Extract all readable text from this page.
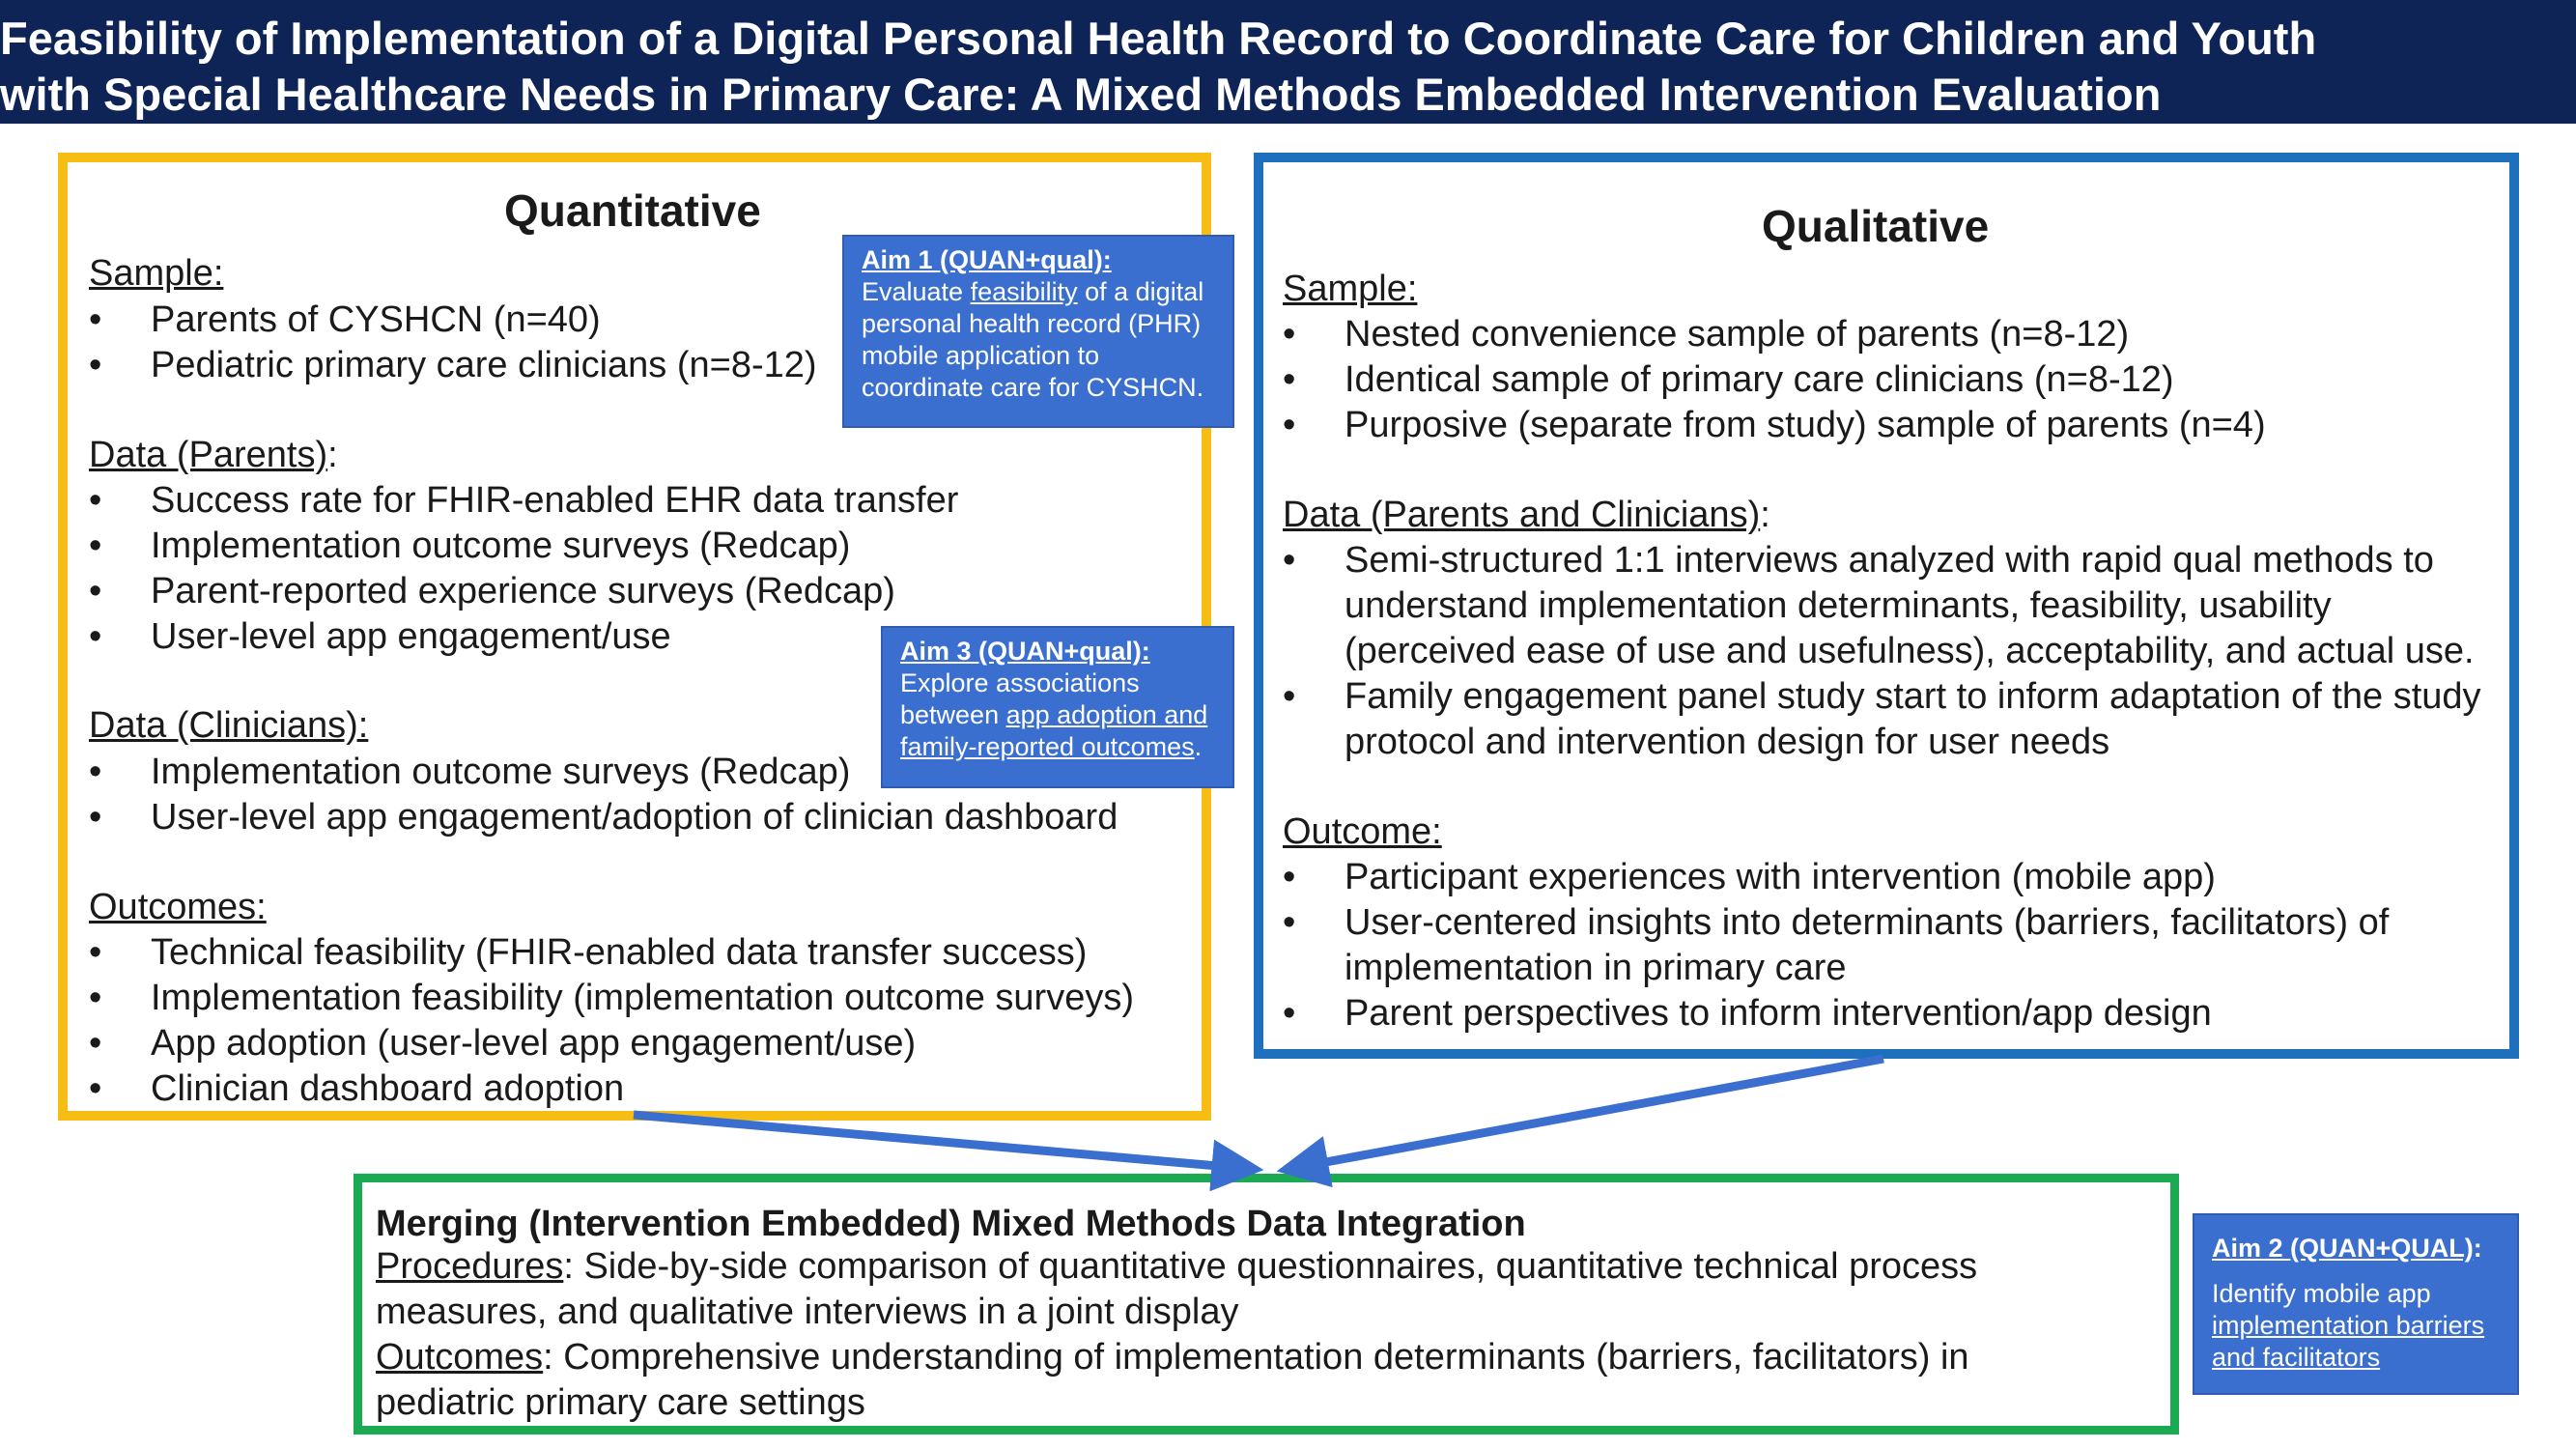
Feasibility of Implementation of a Digital Personal Health Record to Coordinate Care for Children and Youth
with Special Healthcare Needs in Primary Care: A Mixed Methods Embedded Intervention Evaluation
Quantitative
Sample:
• Parents of CYSHCN (n=40)
• Pediatric primary care clinicians (n=8-12)
Data (Parents):
• Success rate for FHIR-enabled EHR data transfer
• Implementation outcome surveys (Redcap)
• Parent-reported experience surveys (Redcap)
• User-level app engagement/use
Data (Clinicians):
• Implementation outcome surveys (Redcap)
• User-level app engagement/adoption of clinician dashboard
Outcomes:
• Technical feasibility (FHIR-enabled data transfer success)
• Implementation feasibility (implementation outcome surveys)
• App adoption (user-level app engagement/use)
• Clinician dashboard adoption
Qualitative
Sample:
• Nested convenience sample of parents (n=8-12)
• Identical sample of primary care clinicians (n=8-12)
• Purposive (separate from study) sample of parents (n=4)
Data (Parents and Clinicians):
• Semi-structured 1:1 interviews analyzed with rapid qual methods to
understand implementation determinants, feasibility, usability
(perceived ease of use and usefulness), acceptability, and actual use.
• Family engagement panel study start to inform adaptation of the study
protocol and intervention design for user needs
Outcome:
• Participant experiences with intervention (mobile app)
• User-centered insights into determinants (barriers, facilitators) of
implementation in primary care
• Parent perspectives to inform intervention/app design
Aim 1 (QUAN+qual):
Evaluate feasibility of a digital
personal health record (PHR)
mobile application to
coordinate care for CYSHCN.
Aim 3 (QUAN+qual):
Explore associations
between app adoption and
family-reported outcomes.
Aim 2 (QUAN+QUAL):
Identify mobile app
implementation barriers
and facilitators
Merging (Intervention Embedded) Mixed Methods Data Integration
Procedures: Side-by-side comparison of quantitative questionnaires, quantitative technical process
measures, and qualitative interviews in a joint display
Outcomes: Comprehensive understanding of implementation determinants (barriers, facilitators) in
pediatric primary care settings
